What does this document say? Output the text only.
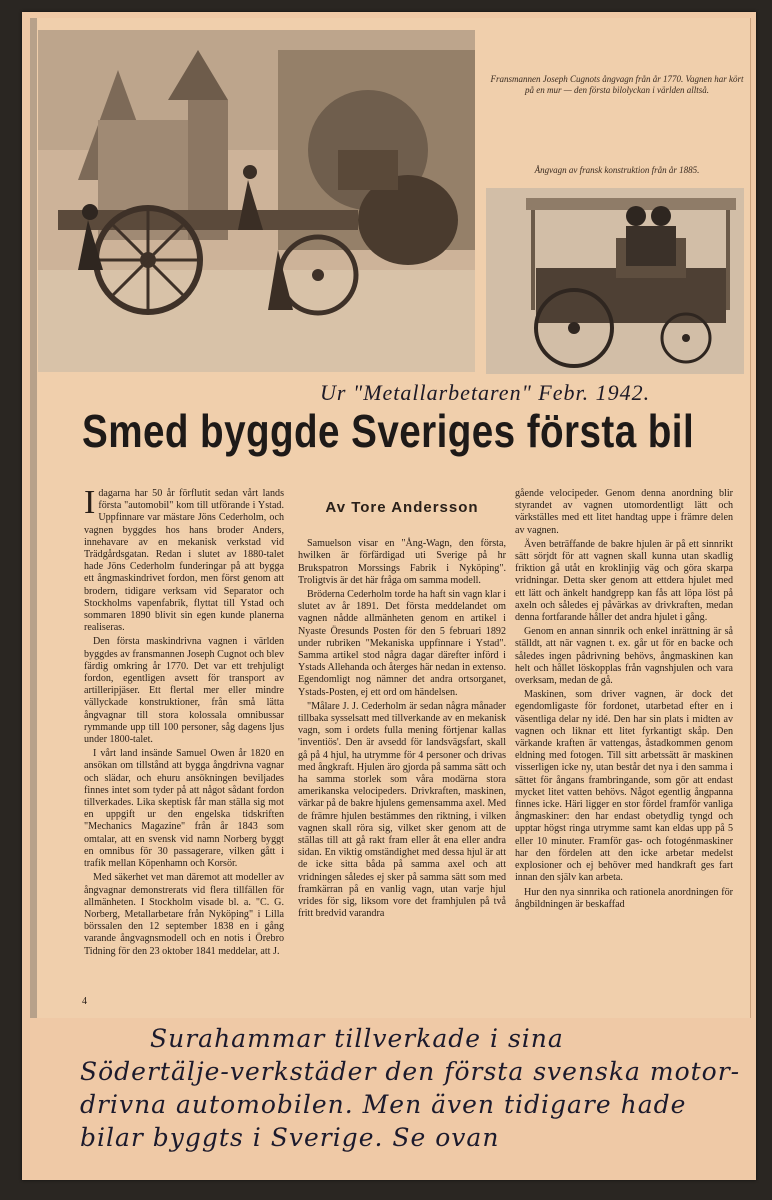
Fransmannen Joseph Cugnots ångvagn från år 1770. Vagnen har kört på en mur — den första bilolyckan i världen alltså.
Ångvagn av fransk konstruktion från år 1885.
Ur "Metallarbetaren" Febr. 1942.
Smed byggde Sveriges första bil

Idagarna har 50 år förflutit sedan vårt lands första "automobil" kom till utförande i Ystad. Uppfinnare var mästare Jöns Cederholm, och vagnen byggdes hos hans broder Anders, innehavare av en mekanisk verkstad vid Trädgårdsgatan. Redan i slutet av 1880-talet hade Jöns Cederholm funderingar på att bygga ett ångmaskindrivet fordon, men först genom att brodern, tidigare verksam vid Separator och Stockholms vapenfabrik, flyttat till Ystad och sommaren 1890 blivit sin egen kunde planerna realiseras.

Den första maskindrivna vagnen i världen byggdes av fransmannen Joseph Cugnot och blev färdig omkring år 1770. Det var ett trehjuligt fordon, egentligen avsett för transport av artilleripjäser. Ett flertal mer eller mindre vällyckade konstruktioner, från små lätta ångvagnar till stora kolossala omnibussar rymmande upp till 100 personer, såg dagens ljus under 1800-talet.

I vårt land insände Samuel Owen år 1820 en ansökan om tillstånd att bygga ångdrivna vagnar och slädar, och ehuru ansökningen beviljades finnes intet som tyder på att något sådant fordon tillverkades. Lika skeptisk får man ställa sig mot en uppgift ur den engelska tidskriften "Mechanics Magazine" från år 1843 som omtalar, att en svensk vid namn Norberg byggt en omnibus för 30 passagerare, vilken gått i trafik mellan Köpenhamn och Korsör.

Med säkerhet vet man däremot att modeller av ångvagnar demonstrerats vid flera tillfällen för allmänheten. I Stockholm visade bl. a. "C. G. Norberg, Metallarbetare från Nyköping" i Lilla börssalen den 12 september 1838 en i gång varande ångvagnsmodell och en notis i Örebro Tidning för den 23 oktober 1841 meddelar, att J.

Av Tore Andersson

Samuelson visar en "Ång-Wagn, den första, hwilken är förfärdigad uti Sverige på hr Brukspatron Morssings Fabrik i Nyköping". Troligtvis är det här fråga om samma modell.

Bröderna Cederholm torde ha haft sin vagn klar i slutet av år 1891. Det första meddelandet om vagnen nådde allmänheten genom en artikel i Nyaste Öresunds Posten för den 5 februari 1892 under rubriken "Mekaniska uppfinnare i Ystad". Samma artikel stod några dagar därefter införd i Ystads Allehanda och återges här nedan in extenso. Egendomligt nog nämner det andra ortsorganet, Ystads-Posten, ej ett ord om händelsen.

"Målare J. J. Cederholm är sedan några månader tillbaka sysselsatt med tillverkande av en mekanisk vagn, som i ordets fulla mening förtjenar kallas 'inventiös'. Den är avsedd för landsvägsfart, skall gå på 4 hjul, ha utrymme för 4 personer och drivas med ångkraft. Hjulen äro gjorda på samma sätt och ha samma storlek som våra modärna stora amerikanska velocipeders. Drivkraften, maskinen, värkar på de bakre hjulens gemensamma axel. Med de främre hjulen bestämmes den riktning, i vilken vagnen skall röra sig, vilket sker genom att de ställas till att gå rakt fram eller åt ena eller andra sidan. En viktig omständighet med dessa hjul är att de icke sitta båda på samma axel och att vridningen således ej sker på samma sätt som med framkärran på en vanlig vagn, utan varje hjul vrides för sig, liksom vore det framhjulen på två fritt bredvid varandra

gående velocipeder. Genom denna anordning blir styrandet av vagnen utomordentligt lätt och värkställes med ett litet handtag uppe i främre delen av vagnen.

Även beträffande de bakre hjulen är på ett sinnrikt sätt sörjdt för att vagnen skall kunna utan skadlig friktion gå utåt en kroklinjig väg och göra skarpa vridningar. Detta sker genom att ettdera hjulet med ett lätt och änkelt handgrepp kan fås att löpa löst på axeln och således ej påvärkas av drivkraften, medan denna fortfarande håller det andra hjulet i gång.

Genom en annan sinnrik och enkel inrättning är så ställdt, att när vagnen t. ex. går ut för en backe och således ingen pådrivning behövs, ångmaskinen kan helt och hållet löskopplas från vagnshjulen och vara overksam, medan de gå.

Maskinen, som driver vagnen, är dock det egendomligaste för fordonet, utarbetad efter en i väsentliga delar ny idé. Den har sin plats i midten av vagnen och liknar ett litet fyrkantigt skåp. Den värkande kraften är vattengas, åstadkommen genom eldning med fotogen. Till sitt arbetssätt är maskinen visserligen icke ny, utan består det nya i den samma i sättet för ångans frambringande, som gör att endast mycket litet vatten behövs. Något egentlig ångpanna finnes icke. Häri ligger en stor fördel framför vanliga ångmaskiner: den har endast obetydlig tyngd och upptar högst ringa utrymme samt kan eldas upp på 5 eller 10 minuter. Framför gas- och fotogénmaskiner har den fördelen att den icke arbetar medelst explosioner och ej behöver med handkraft ges fart innan den själv kan arbeta.

Hur den nya sinnrika och rationela anordningen för ångbildningen är beskaffad

4
Surahammar tillverkade i sina
Södertälje-verkstäder den första svenska motor-
drivna automobilen. Men även tidigare hade
bilar byggts i Sverige. Se ovan
